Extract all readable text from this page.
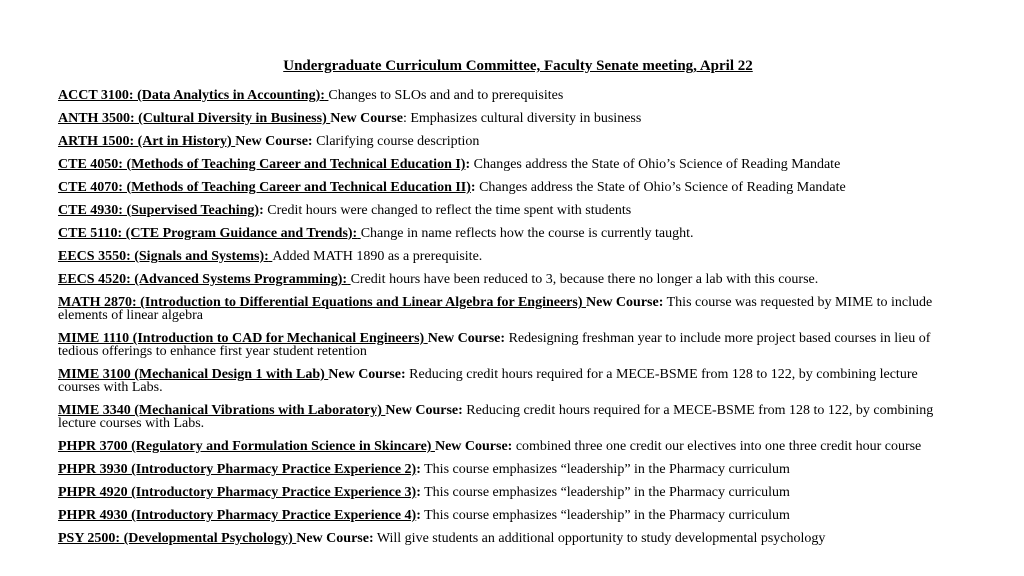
Undergraduate Curriculum Committee, Faculty Senate meeting, April 22
ACCT 3100: (Data Analytics in Accounting): Changes to SLOs and and to prerequisites
ANTH 3500: (Cultural Diversity in Business) New Course: Emphasizes cultural diversity in business
ARTH 1500: (Art in History) New Course: Clarifying course description
CTE 4050: (Methods of Teaching Career and Technical Education I): Changes address the State of Ohio’s Science of Reading Mandate
CTE 4070: (Methods of Teaching Career and Technical Education II): Changes address the State of Ohio’s Science of Reading Mandate
CTE 4930: (Supervised Teaching): Credit hours were changed to reflect the time spent with students
CTE 5110: (CTE Program Guidance and Trends): Change in name reflects how the course is currently taught.
EECS 3550: (Signals and Systems): Added MATH 1890 as a prerequisite.
EECS 4520: (Advanced Systems Programming): Credit hours have been reduced to 3, because there no longer a lab with this course.
MATH 2870: (Introduction to Differential Equations and Linear Algebra for Engineers) New Course: This course was requested by MIME to include elements of linear algebra
MIME 1110 (Introduction to CAD for Mechanical Engineers) New Course: Redesigning freshman year to include more project based courses in lieu of tedious offerings to enhance first year student retention
MIME 3100 (Mechanical Design 1 with Lab) New Course: Reducing credit hours required for a MECE-BSME from 128 to 122, by combining lecture courses with Labs.
MIME 3340 (Mechanical Vibrations with Laboratory) New Course: Reducing credit hours required for a MECE-BSME from 128 to 122, by combining lecture courses with Labs.
PHPR 3700 (Regulatory and Formulation Science in Skincare) New Course: combined three one credit our electives into one three credit hour course
PHPR 3930 (Introductory Pharmacy Practice Experience 2): This course emphasizes “leadership” in the Pharmacy curriculum
PHPR 4920 (Introductory Pharmacy Practice Experience 3): This course emphasizes “leadership” in the Pharmacy curriculum
PHPR 4930 (Introductory Pharmacy Practice Experience 4): This course emphasizes “leadership” in the Pharmacy curriculum
PSY 2500: (Developmental Psychology) New Course: Will give students an additional opportunity to study developmental psychology
